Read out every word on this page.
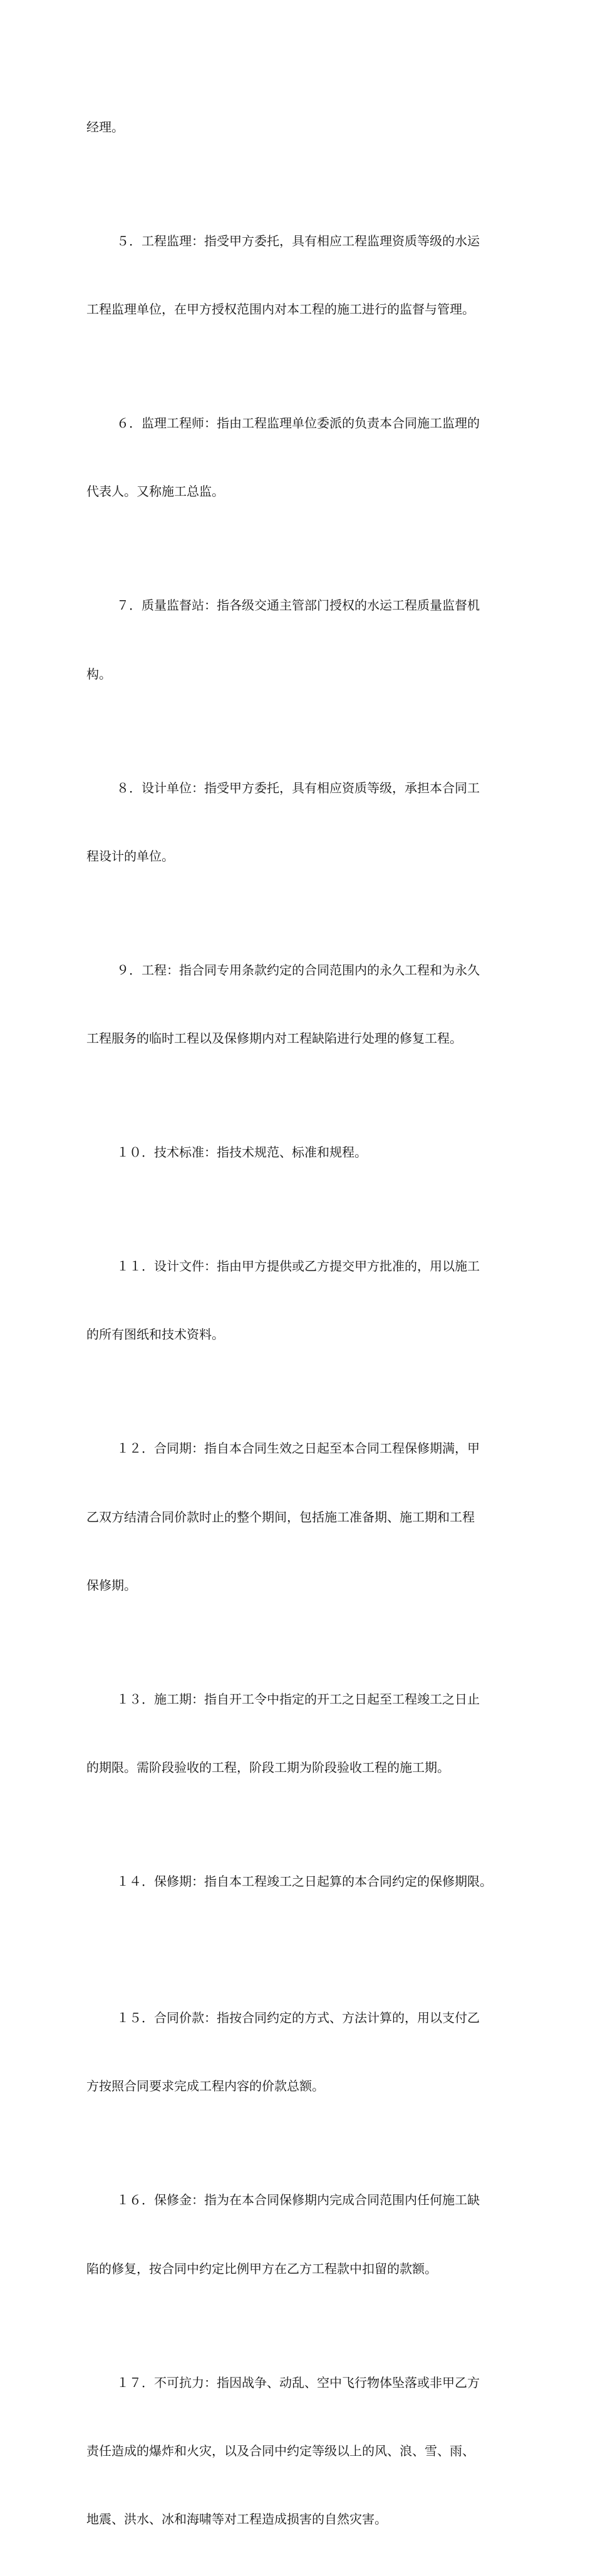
经理。

５．工程监理：指受甲方委托，具有相应工程监理资质等级的水运

工程监理单位，在甲方授权范围内对本工程的施工进行的监督与管理。

６．监理工程师：指由工程监理单位委派的负责本合同施工监理的

代表人。又称施工总监。

７．质量监督站：指各级交通主管部门授权的水运工程质量监督机

构。

８．设计单位：指受甲方委托，具有相应资质等级，承担本合同工

程设计的单位。

９．工程：指合同专用条款约定的合同范围内的永久工程和为永久

工程服务的临时工程以及保修期内对工程缺陷进行处理的修复工程。

１０．技术标准：指技术规范、标准和规程。

１１．设计文件：指由甲方提供或乙方提交甲方批准的，用以施工

的所有图纸和技术资料。

１２．合同期：指自本合同生效之日起至本合同工程保修期满，甲

乙双方结清合同价款时止的整个期间，包括施工准备期、施工期和工程

保修期。

１３．施工期：指自开工令中指定的开工之日起至工程竣工之日止

的期限。需阶段验收的工程，阶段工期为阶段验收工程的施工期。

１４．保修期：指自本工程竣工之日起算的本合同约定的保修期限。

１５．合同价款：指按合同约定的方式、方法计算的，用以支付乙

方按照合同要求完成工程内容的价款总额。

１６．保修金：指为在本合同保修期内完成合同范围内任何施工缺

陷的修复，按合同中约定比例甲方在乙方工程款中扣留的款额。

１７．不可抗力：指因战争、动乱、空中飞行物体坠落或非甲乙方

责任造成的爆炸和火灾，以及合同中约定等级以上的风、浪、雪、雨、

地震、洪水、冰和海啸等对工程造成损害的自然灾害。
